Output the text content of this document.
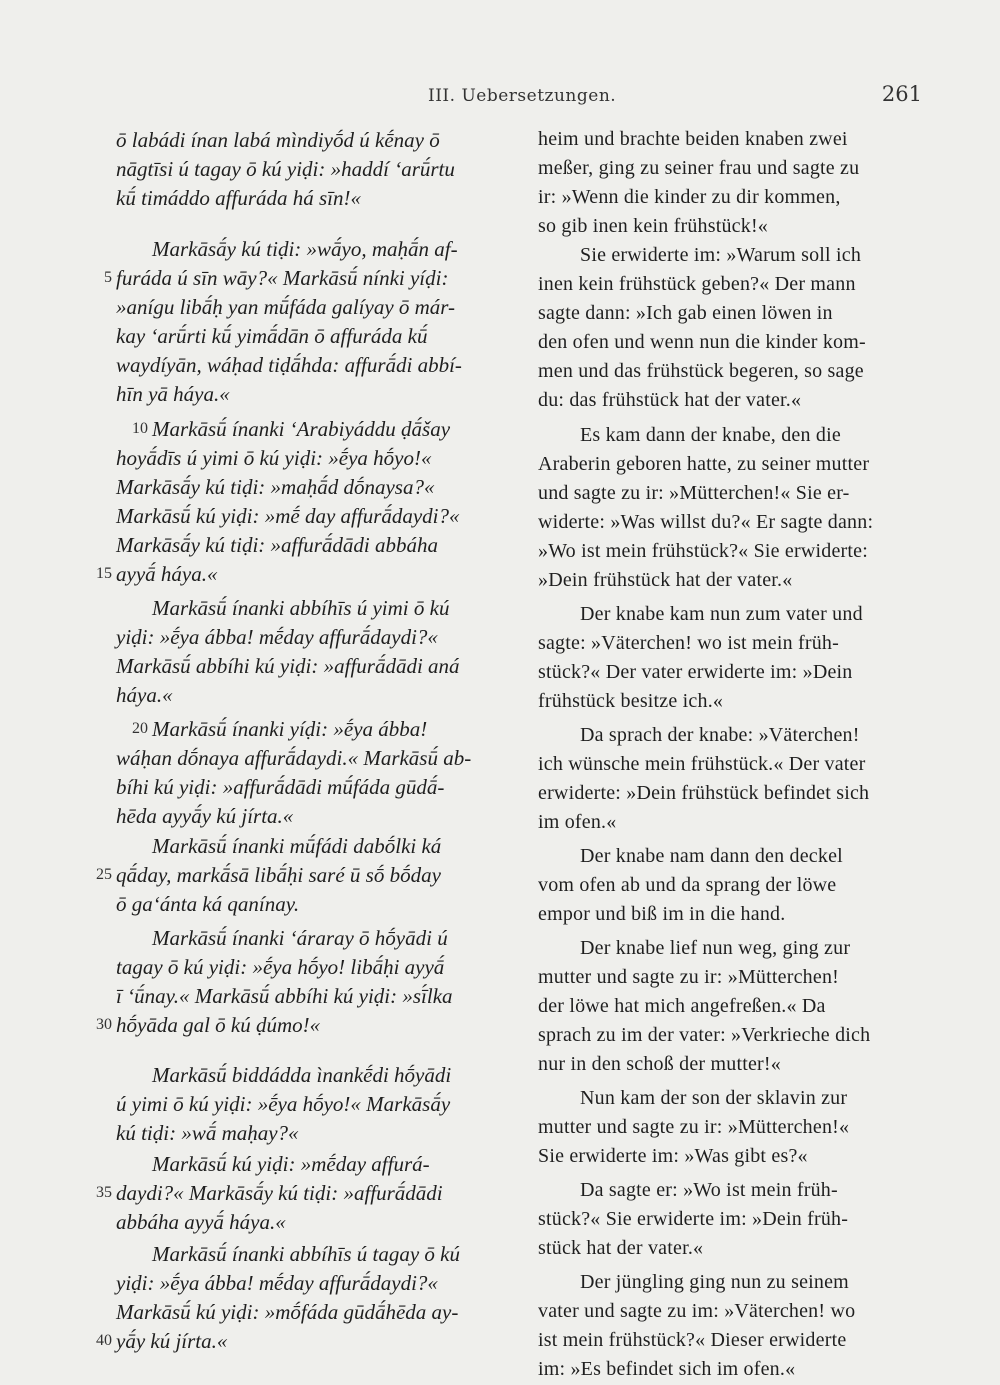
III. Uebersetzungen.	261
ō labádi ínan labá mìndiyṓd ú kḗnay ō
nāgtīsi ú tagay ō kú yiḍi: »haddí ‘arū́rtu
kū́ timáddo affuráda há sīn!«
Markāsā́y kú tiḍi: »wā́yo, maḥā́n af-
5 furáda ú sīn wāy?« Markāsū́ nínki yíḍi:
»anígu libā́ḥ yan mū́fáda galíyay ō már-
kay ‘arū́rti kū́ yimā́dān ō affuráda kū́
waydíyān, wáḥad tiḍā́hda: affurā́di abbí-
hīn yā háya.«
10 Markāsū́ ínanki ‘Arabiyáddu ḍā́šay
hoyā́dīs ú yimi ō kú yiḍi: »ḗya hṓyo!«
Markāsā́y kú tiḍi: »maḥā́d dṓnaysa?«
Markāsū́ kú yiḍi: »mḗ day affurā́daydi?«
Markāsā́y kú tiḍi: »affurā́dādi abbáha
15 ayyā́ háya.«
Markāsū́ ínanki abbíhīs ú yimi ō kú
yiḍi: »ḗya ábba! mḗday affurā́daydi?«
Markāsū́ abbíhi kú yiḍi: »affurā́dādi aná
háya.«
20 Markāsū́ ínanki yíḍi: »ḗya ábba!
wáḥan dṓnaya affurā́daydi.« Markāsū́ ab-
bíhi kú yiḍi: »affurā́dādi mū́fáda gūdā́-
hēda ayyā́y kú jírta.«
Markāsū́ ínanki mū́fádi dabṓlki ká
25 qā́day, markā́sā libā́ḥi saré ū sṓ bṓday
ō ga‘ánta ká qanínay.
Markāsū́ ínanki ‘áraray ō hṓyādi ú
tagay ō kú yiḍi: »ḗya hṓyo! libā́ḥi ayyā́
ī ‘ū́nay.« Markāsū́ abbíhi kú yiḍi: »sī́lka
30 hṓyāda gal ō kú ḍúmo!«
Markāsū́ biddádda ìnankḗdi hṓyādi
ú yimi ō kú yiḍi: »ḗya hṓyo!« Markāsā́y
kú tiḍi: »wā́ maḥay?«
Markāsū́ kú yiḍi: »mḗday affurá-
35 daydi?« Markāsā́y kú tiḍi: »affurā́dādi
abbáha ayyā́ háya.«
Markāsū́ ínanki abbíhīs ú tagay ō kú
yiḍi: »ḗya ábba! mḗday affurā́daydi?«
Markāsū́ kú yiḍi: »mṓfáda gūdā́hēda ay-
40 yā́y kú jírta.«
heim und brachte beiden knaben zwei
meßer, ging zu seiner frau und sagte zu
ir: »Wenn die kinder zu dir kommen,
so gib inen kein frühstück!«
Sie erwiderte im: »Warum soll ich
inen kein frühstück geben?« Der mann
sagte dann: »Ich gab einen löwen in
den ofen und wenn nun die kinder kom-
men und das frühstück begeren, so sage
du: das frühstück hat der vater.«
Es kam dann der knabe, den die
Araberin geboren hatte, zu seiner mutter
und sagte zu ir: »Mütterchen!« Sie er-
widerte: »Was willst du?« Er sagte dann:
»Wo ist mein frühstück?« Sie erwiderte:
»Dein frühstück hat der vater.«
Der knabe kam nun zum vater und
sagte: »Väterchen! wo ist mein früh-
stück?« Der vater erwiderte im: »Dein
frühstück besitze ich.«
Da sprach der knabe: »Väterchen!
ich wünsche mein frühstück.« Der vater
erwiderte: »Dein frühstück befindet sich
im ofen.«
Der knabe nam dann den deckel
vom ofen ab und da sprang der löwe
empor und biß im in die hand.
Der knabe lief nun weg, ging zur
mutter und sagte zu ir: »Mütterchen!
der löwe hat mich angefreßen.« Da
sprach zu im der vater: »Verkrieche dich
nur in den schoß der mutter!«
Nun kam der son der sklavin zur
mutter und sagte zu ir: »Mütterchen!«
Sie erwiderte im: »Was gibt es?«
Da sagte er: »Wo ist mein früh-
stück?« Sie erwiderte im: »Dein früh-
stück hat der vater.«
Der jüngling ging nun zu seinem
vater und sagte zu im: »Väterchen! wo
ist mein frühstück?« Dieser erwiderte
im: »Es befindet sich im ofen.«
